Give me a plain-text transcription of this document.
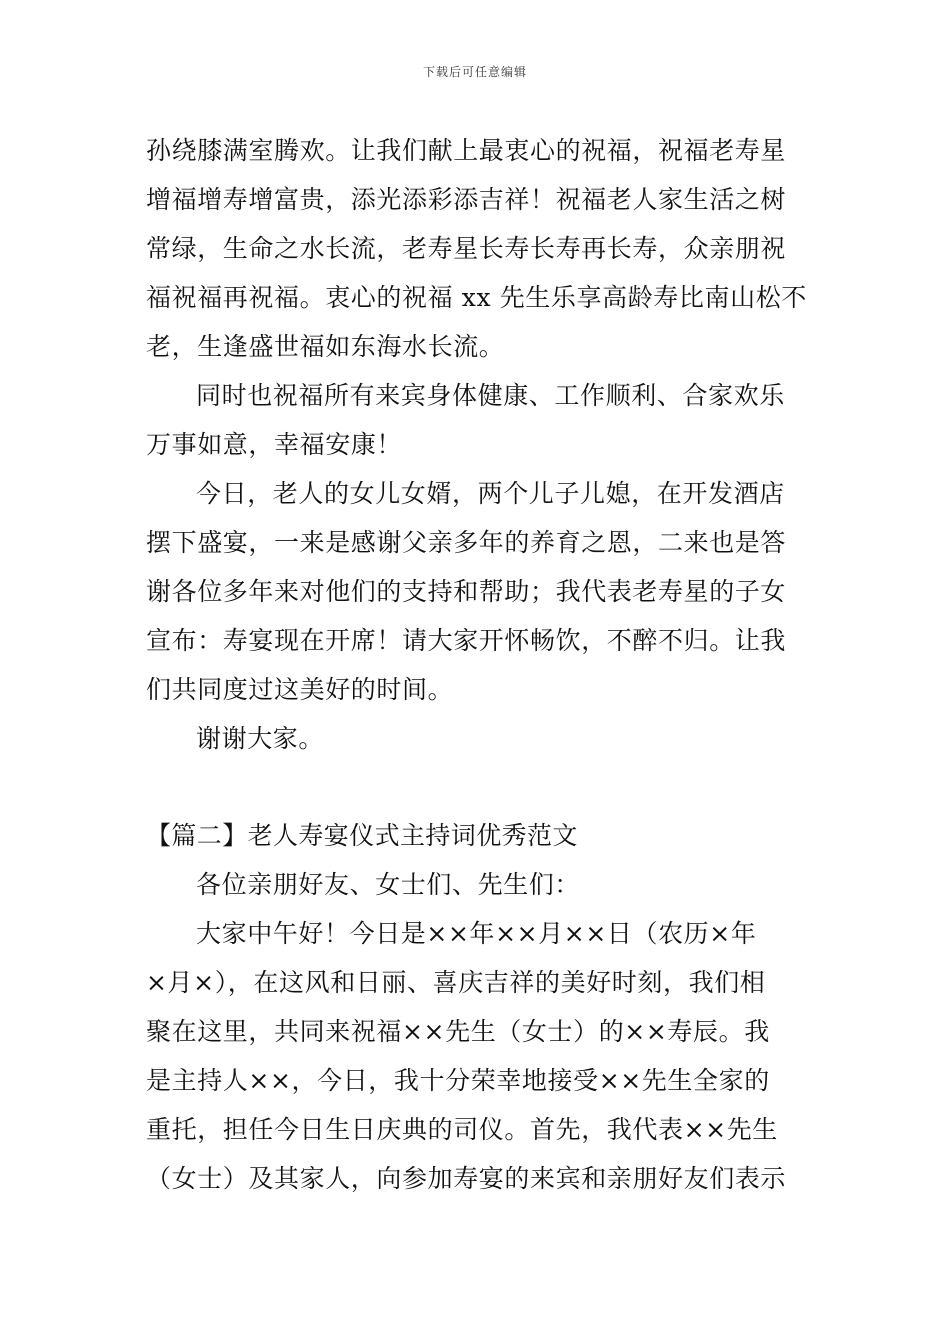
下载后可任意编辑
孙绕膝满室腾欢。让我们献上最衷心的祝福，祝福老寿星
增福增寿增富贵，添光添彩添吉祥！祝福老人家生活之树
常绿，生命之水长流，老寿星长寿长寿再长寿，众亲朋祝
福祝福再祝福。衷心的祝福 xx 先生乐享高龄寿比南山松不
老，生逢盛世福如东海水长流。
同时也祝福所有来宾身体健康、工作顺利、合家欢乐
万事如意，幸福安康！
今日，老人的女儿女婿，两个儿子儿媳，在开发酒店
摆下盛宴，一来是感谢父亲多年的养育之恩，二来也是答
谢各位多年来对他们的支持和帮助；我代表老寿星的子女
宣布：寿宴现在开席！请大家开怀畅饮，不醉不归。让我
们共同度过这美好的时间。
谢谢大家。
【篇二】老人寿宴仪式主持词优秀范文
各位亲朋好友、女士们、先生们：
大家中午好！今日是××年××月××日（农历×年
×月×），在这风和日丽、喜庆吉祥的美好时刻，我们相
聚在这里，共同来祝福××先生（女士）的××寿辰。我
是主持人××，今日，我十分荣幸地接受××先生全家的
重托，担任今日生日庆典的司仪。首先，我代表××先生
（女士）及其家人，向参加寿宴的来宾和亲朋好友们表示
